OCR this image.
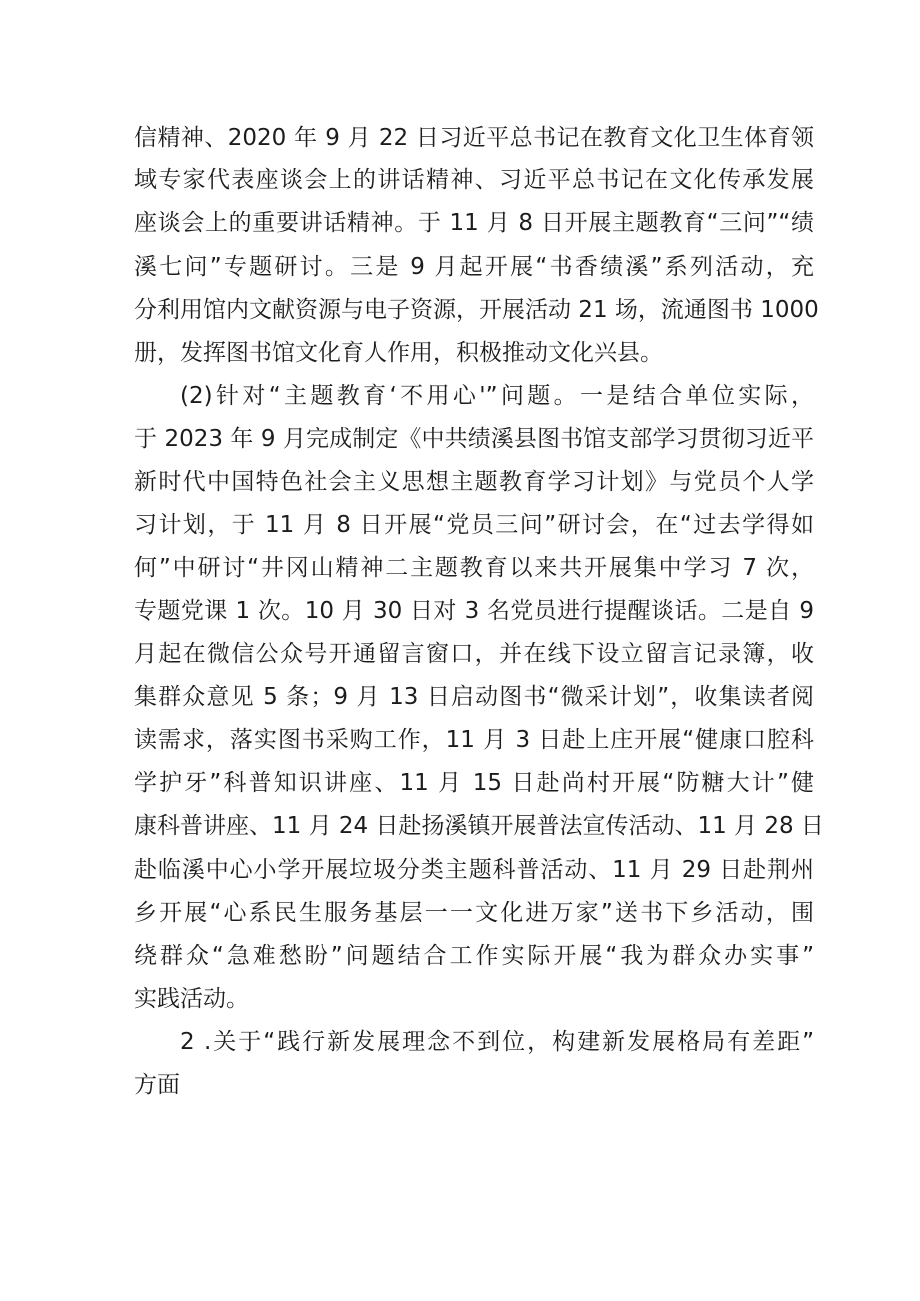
信精神、2020 年 9 月 22 日习近平总书记在教育文化卫生体育领
域专家代表座谈会上的讲话精神、习近平总书记在文化传承发展
座谈会上的重要讲话精神。于 11 月 8 日开展主题教育“三问”“绩
溪七问”专题研讨。三是 9 月起开展“书香绩溪”系列活动，充
分利用馆内文献资源与电子资源，开展活动 21 场，流通图书 1000
册，发挥图书馆文化育人作用，积极推动文化兴县。
(2)针对“主题教育‘不用心'”问题。一是结合单位实际，
于 2023 年 9 月完成制定《中共绩溪县图书馆支部学习贯彻习近平
新时代中国特色社会主义思想主题教育学习计划》与党员个人学
习计划，于 11 月 8 日开展“党员三问”研讨会，在“过去学得如
何”中研讨“井冈山精神二主题教育以来共开展集中学习 7 次，
专题党课 1 次。10 月 30 日对 3 名党员进行提醒谈话。二是自 9
月起在微信公众号开通留言窗口，并在线下设立留言记录簿，收
集群众意见 5 条；9 月 13 日启动图书“微采计划”，收集读者阅
读需求，落实图书采购工作，11 月 3 日赴上庄开展“健康口腔科
学护牙”科普知识讲座、11 月 15 日赴尚村开展“防糖大计”健
康科普讲座、11 月 24 日赴扬溪镇开展普法宣传活动、11 月 28 日
赴临溪中心小学开展垃圾分类主题科普活动、11 月 29 日赴荆州
乡开展“心系民生服务基层一一文化进万家”送书下乡活动，围
绕群众“急难愁盼”问题结合工作实际开展“我为群众办实事”
实践活动。
2 .关于“践行新发展理念不到位，构建新发展格局有差距”
方面
